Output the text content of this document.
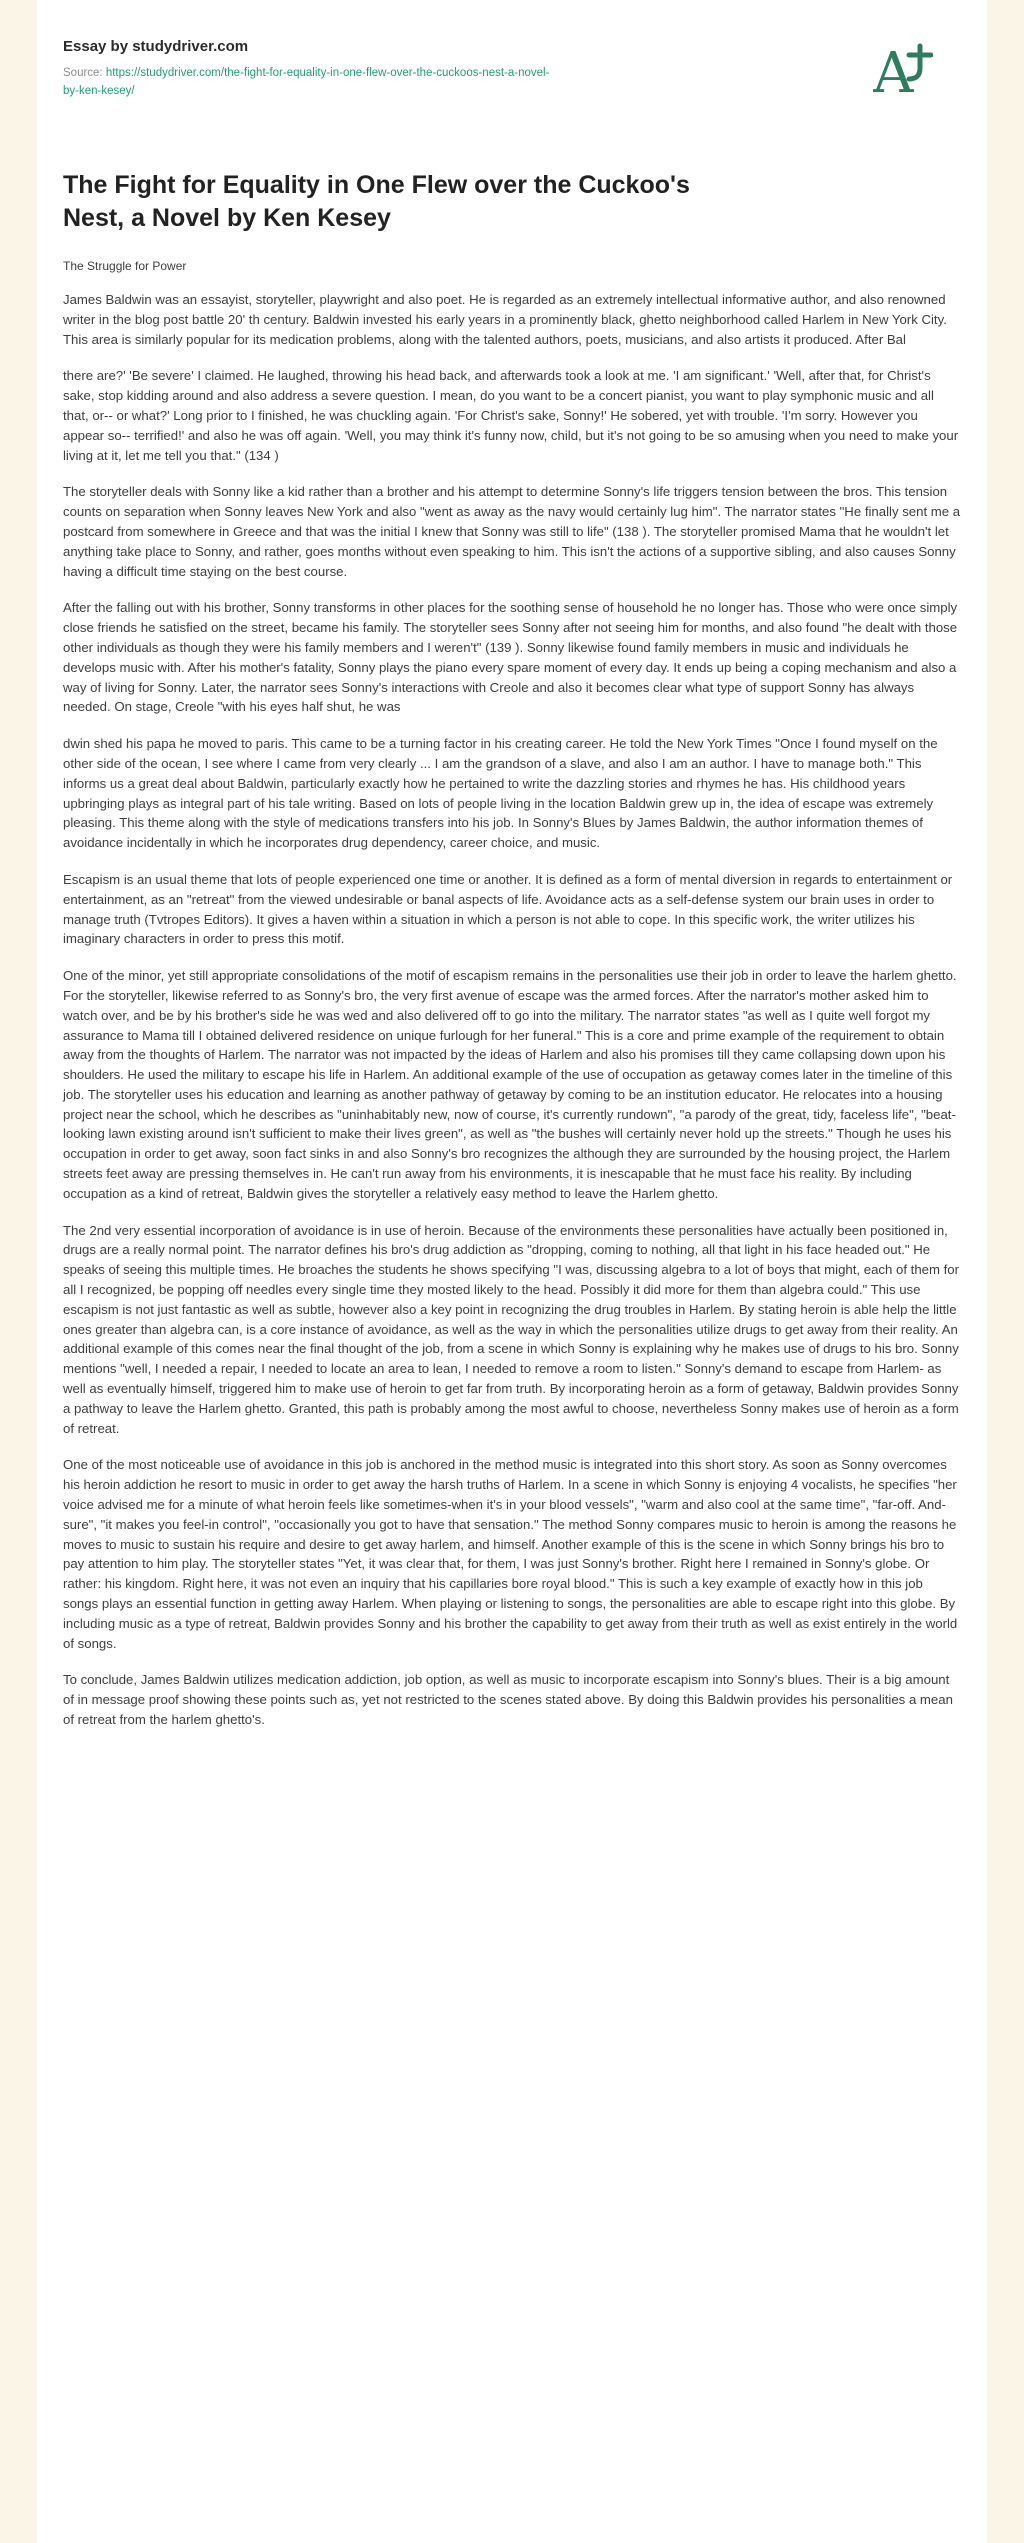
Essay by studydriver.com
Source: https://studydriver.com/the-fight-for-equality-in-one-flew-over-the-cuckoos-nest-a-novel-by-ken-kesey/	A
The Fight for Equality in One Flew over the Cuckoo's Nest, a Novel by Ken Kesey
The Struggle for Power

James Baldwin was an essayist, storyteller, playwright and also poet. He is regarded as an extremely intellectual informative author, and also renowned writer in the blog post battle 20' th century. Baldwin invested his early years in a prominently black, ghetto neighborhood called Harlem in New York City. This area is similarly popular for its medication problems, along with the talented authors, poets, musicians, and also artists it produced. After Bal

there are?' 'Be severe' I claimed. He laughed, throwing his head back, and afterwards took a look at me. 'I am significant.' 'Well, after that, for Christ's sake, stop kidding around and also address a severe question. I mean, do you want to be a concert pianist, you want to play symphonic music and all that, or-- or what?' Long prior to I finished, he was chuckling again. 'For Christ's sake, Sonny!' He sobered, yet with trouble. 'I'm sorry. However you appear so-- terrified!' and also he was off again. 'Well, you may think it's funny now, child, but it's not going to be so amusing when you need to make your living at it, let me tell you that." (134 )

The storyteller deals with Sonny like a kid rather than a brother and his attempt to determine Sonny's life triggers tension between the bros. This tension counts on separation when Sonny leaves New York and also "went as away as the navy would certainly lug him". The narrator states "He finally sent me a postcard from somewhere in Greece and that was the initial I knew that Sonny was still to life" (138 ). The storyteller promised Mama that he wouldn't let anything take place to Sonny, and rather, goes months without even speaking to him. This isn't the actions of a supportive sibling, and also causes Sonny having a difficult time staying on the best course.

After the falling out with his brother, Sonny transforms in other places for the soothing sense of household he no longer has. Those who were once simply close friends he satisfied on the street, became his family. The storyteller sees Sonny after not seeing him for months, and also found "he dealt with those other individuals as though they were his family members and I weren't" (139 ). Sonny likewise found family members in music and individuals he develops music with. After his mother's fatality, Sonny plays the piano every spare moment of every day. It ends up being a coping mechanism and also a way of living for Sonny. Later, the narrator sees Sonny's interactions with Creole and also it becomes clear what type of support Sonny has always needed. On stage, Creole "with his eyes half shut, he was

dwin shed his papa he moved to paris. This came to be a turning factor in his creating career. He told the New York Times "Once I found myself on the other side of the ocean, I see where I came from very clearly ... I am the grandson of a slave, and also I am an author. I have to manage both." This informs us a great deal about Baldwin, particularly exactly how he pertained to write the dazzling stories and rhymes he has. His childhood years upbringing plays as integral part of his tale writing. Based on lots of people living in the location Baldwin grew up in, the idea of escape was extremely pleasing. This theme along with the style of medications transfers into his job. In Sonny's Blues by James Baldwin, the author information themes of avoidance incidentally in which he incorporates drug dependency, career choice, and music.

Escapism is an usual theme that lots of people experienced one time or another. It is defined as a form of mental diversion in regards to entertainment or entertainment, as an "retreat" from the viewed undesirable or banal aspects of life. Avoidance acts as a self-defense system our brain uses in order to manage truth (Tvtropes Editors). It gives a haven within a situation in which a person is not able to cope. In this specific work, the writer utilizes his imaginary characters in order to press this motif.

One of the minor, yet still appropriate consolidations of the motif of escapism remains in the personalities use their job in order to leave the harlem ghetto. For the storyteller, likewise referred to as Sonny's bro, the very first avenue of escape was the armed forces. After the narrator's mother asked him to watch over, and be by his brother's side he was wed and also delivered off to go into the military. The narrator states "as well as I quite well forgot my assurance to Mama till I obtained delivered residence on unique furlough for her funeral." This is a core and prime example of the requirement to obtain away from the thoughts of Harlem. The narrator was not impacted by the ideas of Harlem and also his promises till they came collapsing down upon his shoulders. He used the military to escape his life in Harlem. An additional example of the use of occupation as getaway comes later in the timeline of this job. The storyteller uses his education and learning as another pathway of getaway by coming to be an institution educator. He relocates into a housing project near the school, which he describes as "uninhabitably new, now of course, it's currently rundown", "a parody of the great, tidy, faceless life", "beat- looking lawn existing around isn't sufficient to make their lives green", as well as "the bushes will certainly never hold up the streets." Though he uses his occupation in order to get away, soon fact sinks in and also Sonny's bro recognizes the although they are surrounded by the housing project, the Harlem streets feet away are pressing themselves in. He can't run away from his environments, it is inescapable that he must face his reality. By including occupation as a kind of retreat, Baldwin gives the storyteller a relatively easy method to leave the Harlem ghetto.

The 2nd very essential incorporation of avoidance is in use of heroin. Because of the environments these personalities have actually been positioned in, drugs are a really normal point. The narrator defines his bro's drug addiction as "dropping, coming to nothing, all that light in his face headed out." He speaks of seeing this multiple times. He broaches the students he shows specifying "I was, discussing algebra to a lot of boys that might, each of them for all I recognized, be popping off needles every single time they mosted likely to the head. Possibly it did more for them than algebra could." This use escapism is not just fantastic as well as subtle, however also a key point in recognizing the drug troubles in Harlem. By stating heroin is able help the little ones greater than algebra can, is a core instance of avoidance, as well as the way in which the personalities utilize drugs to get away from their reality. An additional example of this comes near the final thought of the job, from a scene in which Sonny is explaining why he makes use of drugs to his bro. Sonny mentions "well, I needed a repair, I needed to locate an area to lean, I needed to remove a room to listen." Sonny's demand to escape from Harlem- as well as eventually himself, triggered him to make use of heroin to get far from truth. By incorporating heroin as a form of getaway, Baldwin provides Sonny a pathway to leave the Harlem ghetto. Granted, this path is probably among the most awful to choose, nevertheless Sonny makes use of heroin as a form of retreat.

One of the most noticeable use of avoidance in this job is anchored in the method music is integrated into this short story. As soon as Sonny overcomes his heroin addiction he resort to music in order to get away the harsh truths of Harlem. In a scene in which Sonny is enjoying 4 vocalists, he specifies "her voice advised me for a minute of what heroin feels like sometimes-when it's in your blood vessels", "warm and also cool at the same time", "far-off. And- sure", "it makes you feel-in control", "occasionally you got to have that sensation." The method Sonny compares music to heroin is among the reasons he moves to music to sustain his require and desire to get away harlem, and himself. Another example of this is the scene in which Sonny brings his bro to pay attention to him play. The storyteller states "Yet, it was clear that, for them, I was just Sonny's brother. Right here I remained in Sonny's globe. Or rather: his kingdom. Right here, it was not even an inquiry that his capillaries bore royal blood." This is such a key example of exactly how in this job songs plays an essential function in getting away Harlem. When playing or listening to songs, the personalities are able to escape right into this globe. By including music as a type of retreat, Baldwin provides Sonny and his brother the capability to get away from their truth as well as exist entirely in the world of songs.

To conclude, James Baldwin utilizes medication addiction, job option, as well as music to incorporate escapism into Sonny's blues. Their is a big amount of in message proof showing these points such as, yet not restricted to the scenes stated above. By doing this Baldwin provides his personalities a mean of retreat from the harlem ghetto's.
